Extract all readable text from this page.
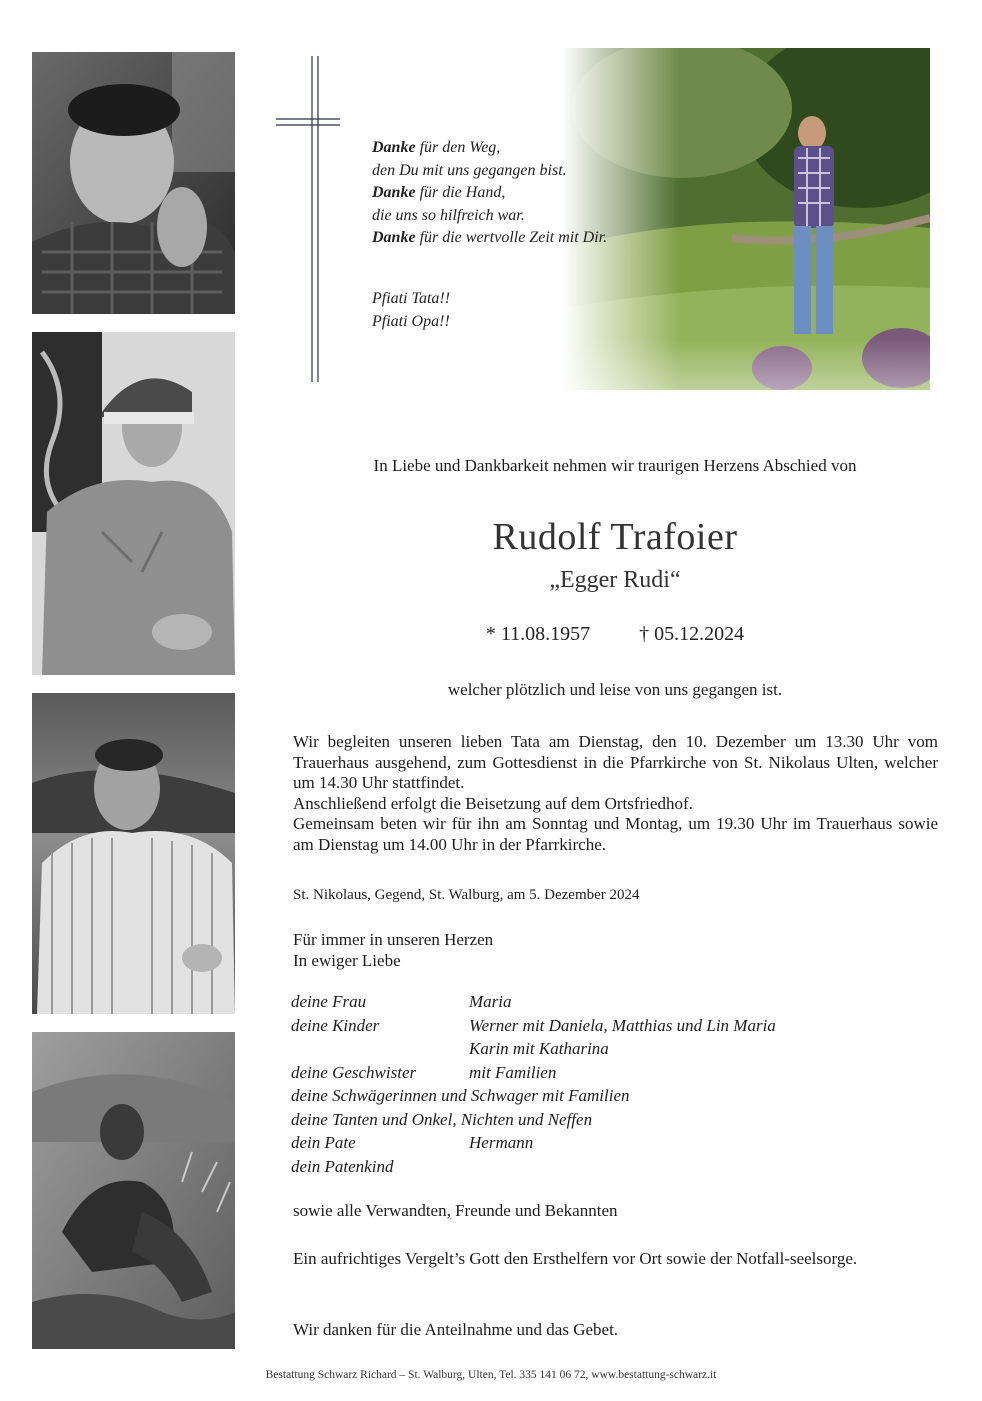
Danke für den Weg,

den Du mit uns gegangen bist.

Danke für die Hand,

die uns so hilfreich war.

Danke für die wertvolle Zeit mit Dir.

Pfiati Tata!!

Pfiati Opa!!

In Liebe und Dankbarkeit nehmen wir traurigen Herzens Abschied von
Rudolf Trafoier
„Egger Rudi“
* 11.08.1957 † 05.12.2024
welcher plötzlich und leise von uns gegangen ist.

Wir begleiten unseren lieben Tata am Dienstag, den 10. Dezember um 13.30 Uhr vom Trauerhaus ausgehend, zum Gottesdienst in die Pfarrkirche von St. Nikolaus Ulten, welcher um 14.30 Uhr stattfindet.

Anschließend erfolgt die Beisetzung auf dem Ortsfriedhof.

Gemeinsam beten wir für ihn am Sonntag und Montag, um 19.30 Uhr im Trauerhaus sowie am Dienstag um 14.00 Uhr in der Pfarrkirche.

St. Nikolaus, Gegend, St. Walburg, am 5. Dezember 2024

Für immer in unseren Herzen

In ewiger Liebe

deine Frau	Maria
deine Kinder	Werner mit Daniela, Matthias und Lin Maria
Karin mit Katharina
deine Geschwister	mit Familien
deine Schwägerinnen und Schwager mit Familien
deine Tanten und Onkel, Nichten und Neffen
dein Pate	Hermann
dein Patenkind
sowie alle Verwandten, Freunde und Bekannten
Ein aufrichtiges Vergelt’s Gott den Ersthelfern vor Ort sowie der Notfall-seelsorge.
Wir danken für die Anteilnahme und das Gebet.
Bestattung Schwarz Richard – St. Walburg, Ulten, Tel. 335 141 06 72, www.bestattung-schwarz.it
